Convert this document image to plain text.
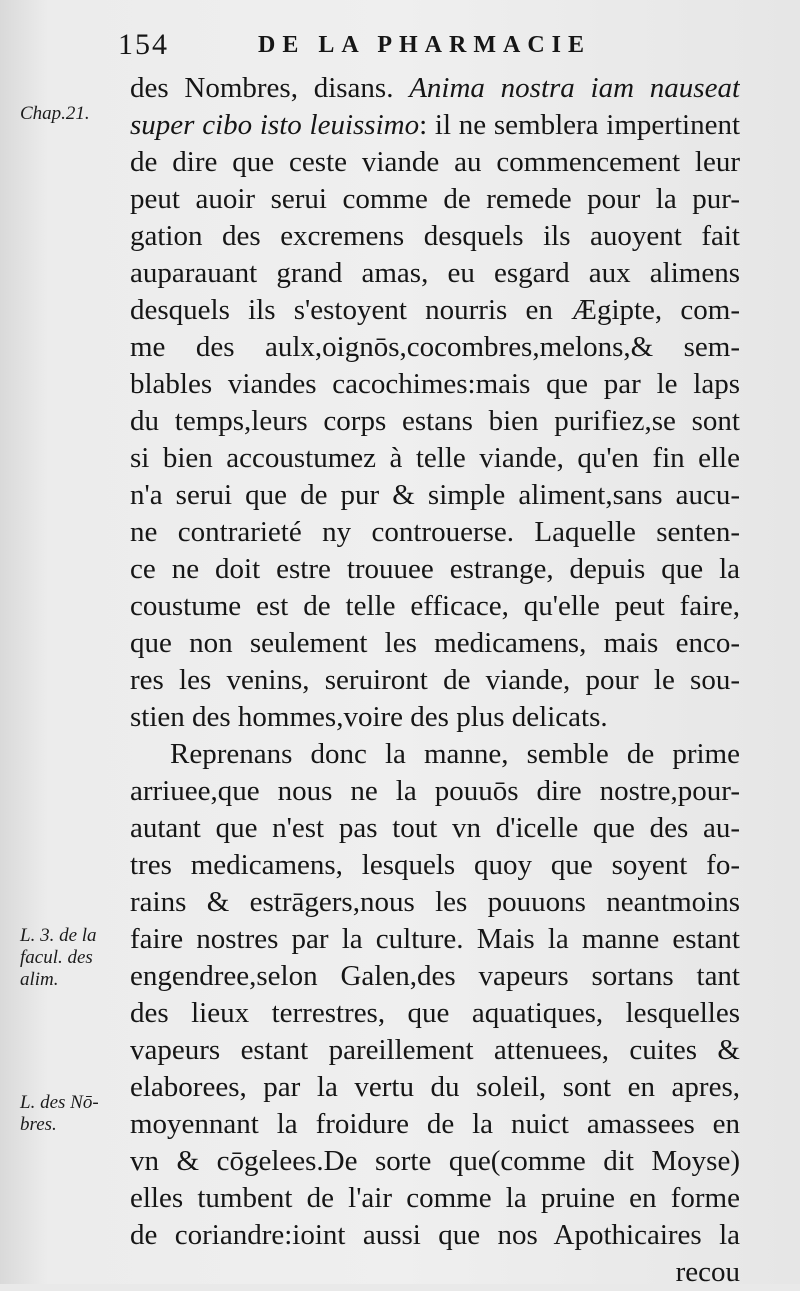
154	DE LA PHARMACIE
Chap.21.
L. 3. de la
facul. des
alim.
L. des Nō-
bres.
des Nombres, disans. Anima nostra iam nauseat
super cibo isto leuissimo: il ne semblera impertinent
de dire que ceste viande au commencement leur
peut auoir serui comme de remede pour la pur-
gation des excremens desquels ils auoyent fait
auparauant grand amas, eu esgard aux alimens
desquels ils s'estoyent nourris en Ægipte, com-
me des aulx,oignōs,cocombres,melons,& sem-
blables viandes cacochimes:mais que par le laps
du temps,leurs corps estans bien purifiez,se sont
si bien accoustumez à telle viande, qu'en fin elle
n'a serui que de pur & simple aliment,sans aucu-
ne contrarieté ny controuerse. Laquelle senten-
ce ne doit estre trouuee estrange, depuis que la
coustume est de telle efficace, qu'elle peut faire,
que non seulement les medicamens, mais enco-
res les venins, seruiront de viande, pour le sou-
stien des hommes,voire des plus delicats.
Reprenans donc la manne, semble de prime
arriuee,que nous ne la pouuōs dire nostre,pour-
autant que n'est pas tout vn d'icelle que des au-
tres medicamens, lesquels quoy que soyent fo-
rains & estrāgers,nous les pouuons neantmoins
faire nostres par la culture. Mais la manne estant
engendree,selon Galen,des vapeurs sortans tant
des lieux terrestres, que aquatiques, lesquelles
vapeurs estant pareillement attenuees, cuites &
elaborees, par la vertu du soleil, sont en apres,
moyennant la froidure de la nuict amassees en
vn & cōgelees.De sorte que(comme dit Moyse)
elles tumbent de l'air comme la pruine en forme
de coriandre:ioint aussi que nos Apothicaires la
recou
